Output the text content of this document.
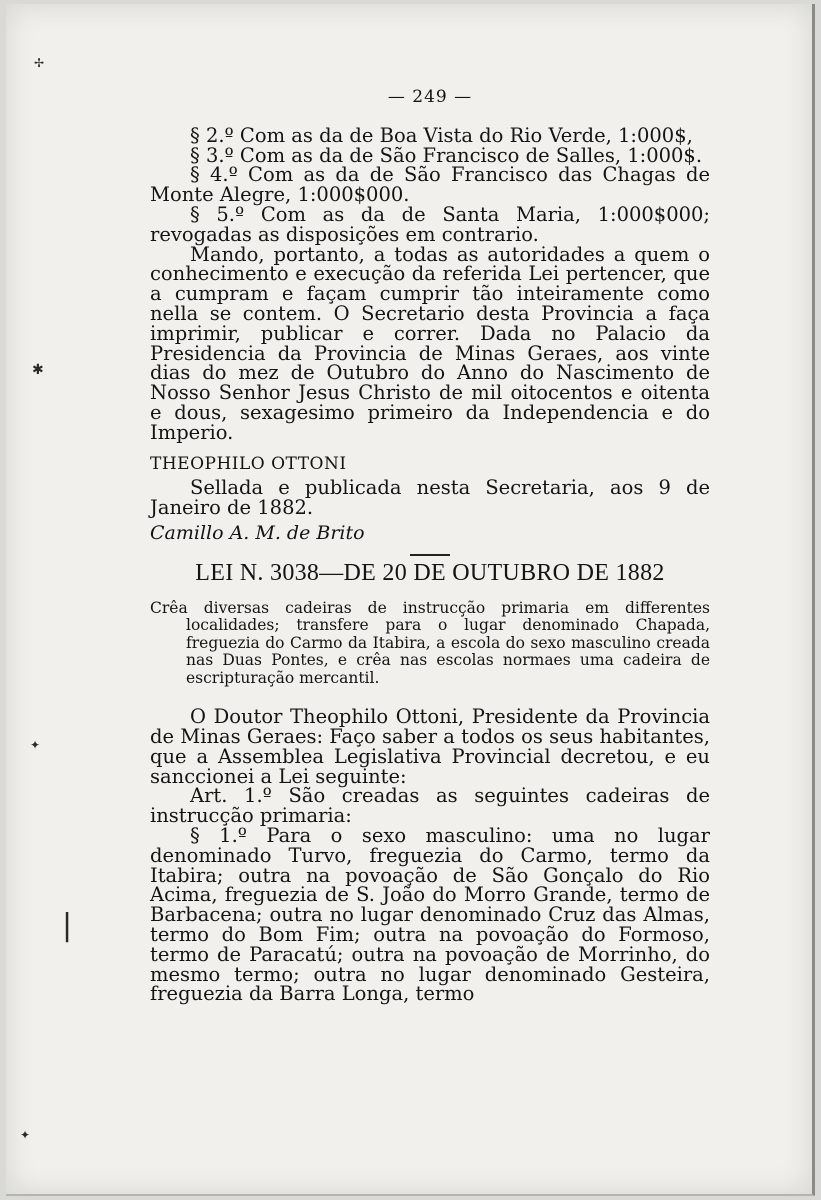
✢
✱
✦
|
✦
— 249 —

§ 2.º Com as da de Boa Vista do Rio Verde, 1:000$,

§ 3.º Com as da de São Francisco de Salles, 1:000$.

§ 4.º Com as da de São Francisco das Chagas de Monte Alegre, 1:000$000.

§ 5.º Com as da de Santa Maria, 1:000$000; revogadas as disposições em contrario.

Mando, portanto, a todas as autoridades a quem o conhecimento e execução da referida Lei pertencer, que a cumpram e façam cumprir tão inteiramente como nella se contem. O Secretario desta Provincia a faça imprimir, publicar e correr. Dada no Palacio da Presidencia da Provincia de Minas Geraes, aos vinte dias do mez de Outubro do Anno do Nascimento de Nosso Senhor Jesus Christo de mil oitocentos e oitenta e dous, sexagesimo primeiro da Independencia e do Imperio.

THEOPHILO OTTONI

Sellada e publicada nesta Secretaria, aos 9 de Janeiro de 1882.

Camillo A. M. de Brito

LEI N. 3038—DE 20 DE OUTUBRO DE 1882

Crêa diversas cadeiras de instrucção primaria em differentes localidades; transfere para o lugar denominado Chapada, freguezia do Carmo da Itabira, a escola do sexo masculino creada nas Duas Pontes, e crêa nas escolas normaes uma cadeira de escripturação mercantil.

O Doutor Theophilo Ottoni, Presidente da Provincia de Minas Geraes: Faço saber a todos os seus habitantes, que a Assemblea Legislativa Provincial decretou, e eu sanccionei a Lei seguinte:

Art. 1.º São creadas as seguintes cadeiras de instrucção primaria:

§ 1.º Para o sexo masculino: uma no lugar denominado Turvo, freguezia do Carmo, termo da Itabira; outra na povoação de São Gonçalo do Rio Acima, freguezia de S. João do Morro Grande, termo de Barbacena; outra no lugar denominado Cruz das Almas, termo do Bom Fim; outra na povoação do Formoso, termo de Paracatú; outra na povoação de Morrinho, do mesmo termo; outra no lugar denominado Gesteira, freguezia da Barra Longa, termo
